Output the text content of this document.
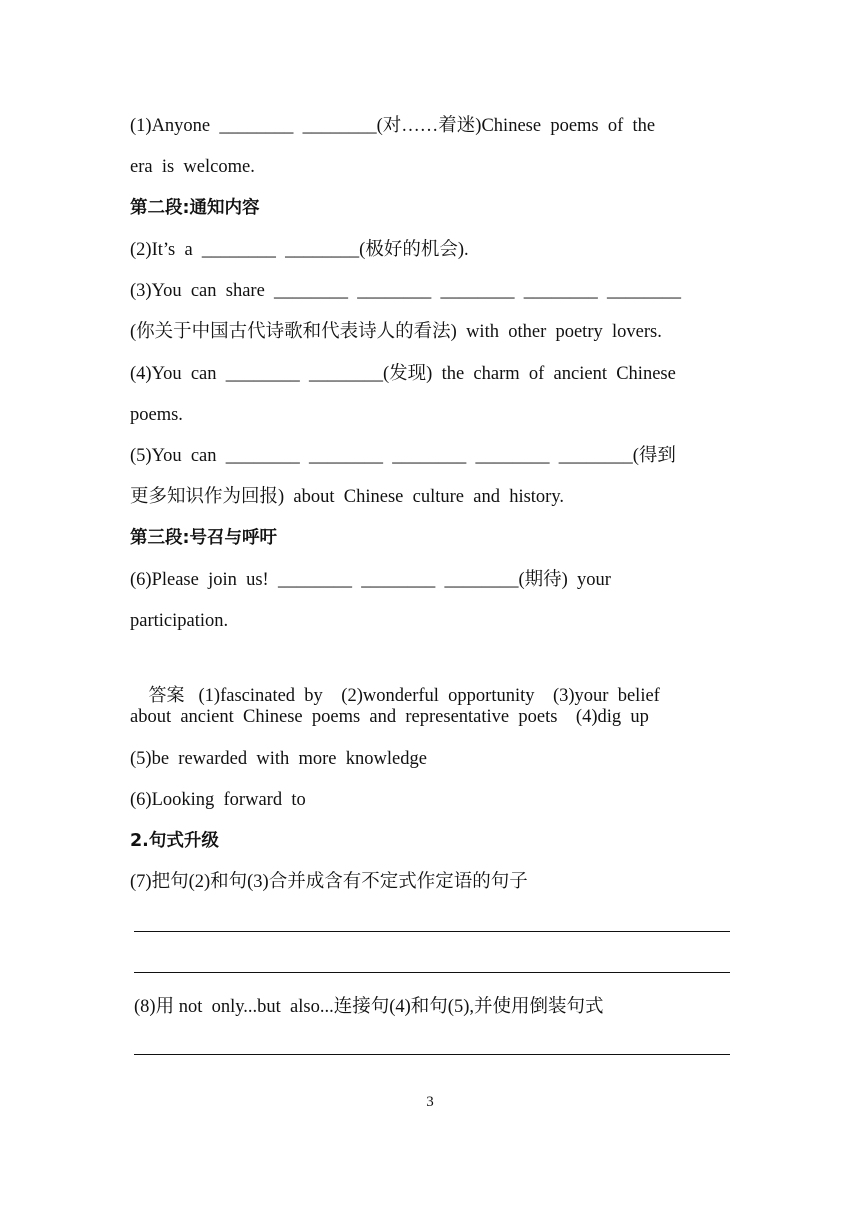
(1)Anyone  ________  ________(对……着迷)Chinese  poems  of  the
era  is  welcome.
第二段:通知内容
(2)It’s  a  ________  ________(极好的机会).
(3)You  can  share  ________  ________  ________  ________  ________
(你关于中国古代诗歌和代表诗人的看法)  with  other  poetry  lovers.
(4)You  can  ________  ________(发现)  the  charm  of  ancient  Chinese
poems.
(5)You  can  ________  ________  ________  ________  ________(得到
更多知识作为回报)  about  Chinese  culture  and  history.
第三段:号召与呼吁
(6)Please  join  us!  ________  ________  ________(期待)  your
participation.

答案 (1)fascinated  by    (2)wonderful  opportunity    (3)your  belief

about  ancient  Chinese  poems  and  representative  poets    (4)dig  up
(5)be  rewarded  with  more  knowledge
(6)Looking  forward  to
2.句式升级
(7)把句(2)和句(3)合并成含有不定式作定语的句子
(8)用 not  only...but  also...连接句(4)和句(5),并使用倒装句式
3
